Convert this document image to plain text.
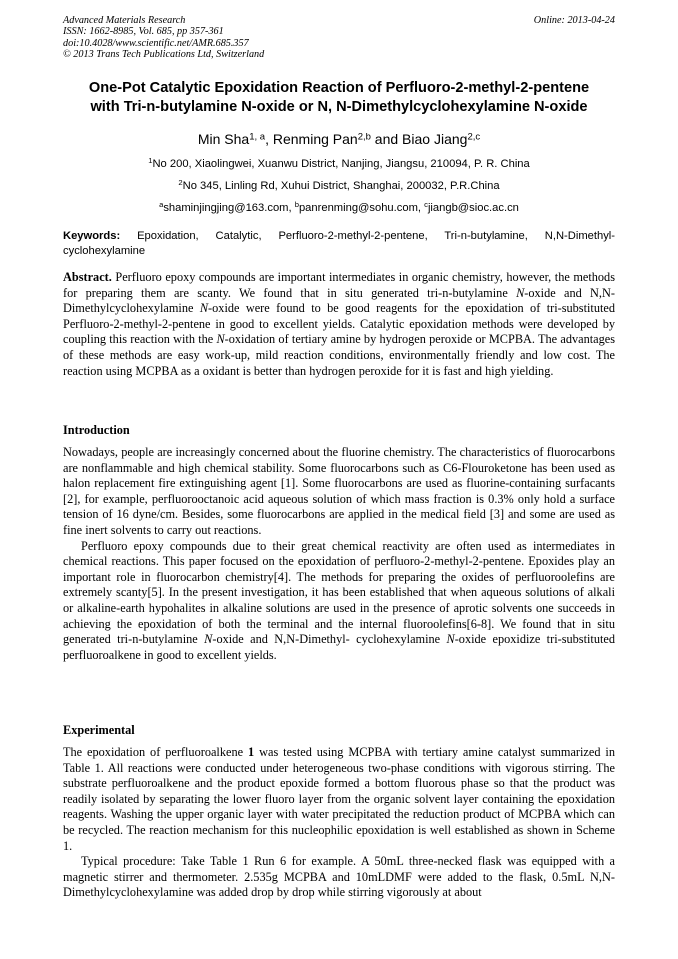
Advanced Materials Research
ISSN: 1662-8985, Vol. 685, pp 357-361
doi:10.4028/www.scientific.net/AMR.685.357
© 2013 Trans Tech Publications Ltd, Switzerland
Online: 2013-04-24
One-Pot Catalytic Epoxidation Reaction of Perfluoro-2-methyl-2-pentene
with Tri-n-butylamine N-oxide or N, N-Dimethylcyclohexylamine N-oxide
Min Sha$^{1, a}$, Renming Pan$^{2,b}$ and Biao Jiang$^{2,c}$
$^1$No 200, Xiaolingwei, Xuanwu District, Nanjing, Jiangsu, 210094, P. R. China
$^2$No 345, Linling Rd, Xuhui District, Shanghai, 200032, P.R.China
$^a$shaminjingjing@163.com, $^b$panrenming@sohu.com, $^c$jiangb@sioc.ac.cn
Keywords: Epoxidation, Catalytic, Perfluoro-2-methyl-2-pentene, Tri-n-butylamine, N,N-Dimethyl-cyclohexylamine
Abstract. Perfluoro epoxy compounds are important intermediates in organic chemistry, however, the methods for preparing them are scanty. We found that in situ generated tri-n-butylamine N-oxide and N,N-Dimethylcyclohexylamine N-oxide were found to be good reagents for the epoxidation of tri-substituted Perfluoro-2-methyl-2-pentene in good to excellent yields. Catalytic epoxidation methods were developed by coupling this reaction with the N-oxidation of tertiary amine by hydrogen peroxide or MCPBA. The advantages of these methods are easy work-up, mild reaction conditions, environmentally friendly and low cost. The reaction using MCPBA as a oxidant is better than hydrogen peroxide for it is fast and high yielding.
Introduction
Nowadays, people are increasingly concerned about the fluorine chemistry. The characteristics of fluorocarbons are nonflammable and high chemical stability. Some fluorocarbons such as C6-Flouroketone has been used as halon replacement fire extinguishing agent [1]. Some fluorocarbons are used as fluorine-containing surfacants [2], for example, perfluorooctanoic acid aqueous solution of which mass fraction is 0.3% only hold a surface tension of 16 dyne/cm. Besides, some fluorocarbons are applied in the medical field [3] and some are used as fine inert solvents to carry out reactions.
Perfluoro epoxy compounds due to their great chemical reactivity are often used as intermediates in chemical reactions. This paper focused on the epoxidation of perfluoro-2-methyl-2-pentene. Epoxides play an important role in fluorocarbon chemistry[4]. The methods for preparing the oxides of perfluoroolefins are extremely scanty[5]. In the present investigation, it has been established that when aqueous solutions of alkali or alkaline-earth hypohalites in alkaline solutions are used in the presence of aprotic solvents one succeeds in achieving the epoxidation of both the terminal and the internal fluoroolefins[6-8]. We found that in situ generated tri-n-butylamine N-oxide and N,N-Dimethyl- cyclohexylamine N-oxide epoxidize tri-substituted perfluoroalkene in good to excellent yields.
Experimental
The epoxidation of perfluoroalkene 1 was tested using MCPBA with tertiary amine catalyst summarized in Table 1. All reactions were conducted under heterogeneous two-phase conditions with vigorous stirring. The substrate perfluoroalkene and the product epoxide formed a bottom fluorous phase so that the product was readily isolated by separating the lower fluoro layer from the organic solvent layer containing the epoxidation reagents. Washing the upper organic layer with water precipitated the reduction product of MCPBA which can be recycled. The reaction mechanism for this nucleophilic epoxidation is well established as shown in Scheme 1.
Typical procedure: Take Table 1 Run 6 for example. A 50mL three-necked flask was equipped with a magnetic stirrer and thermometer. 2.535g MCPBA and 10mLDMF were added to the flask, 0.5mL N,N-Dimethylcyclohexylamine was added drop by drop while stirring vigorously at about
